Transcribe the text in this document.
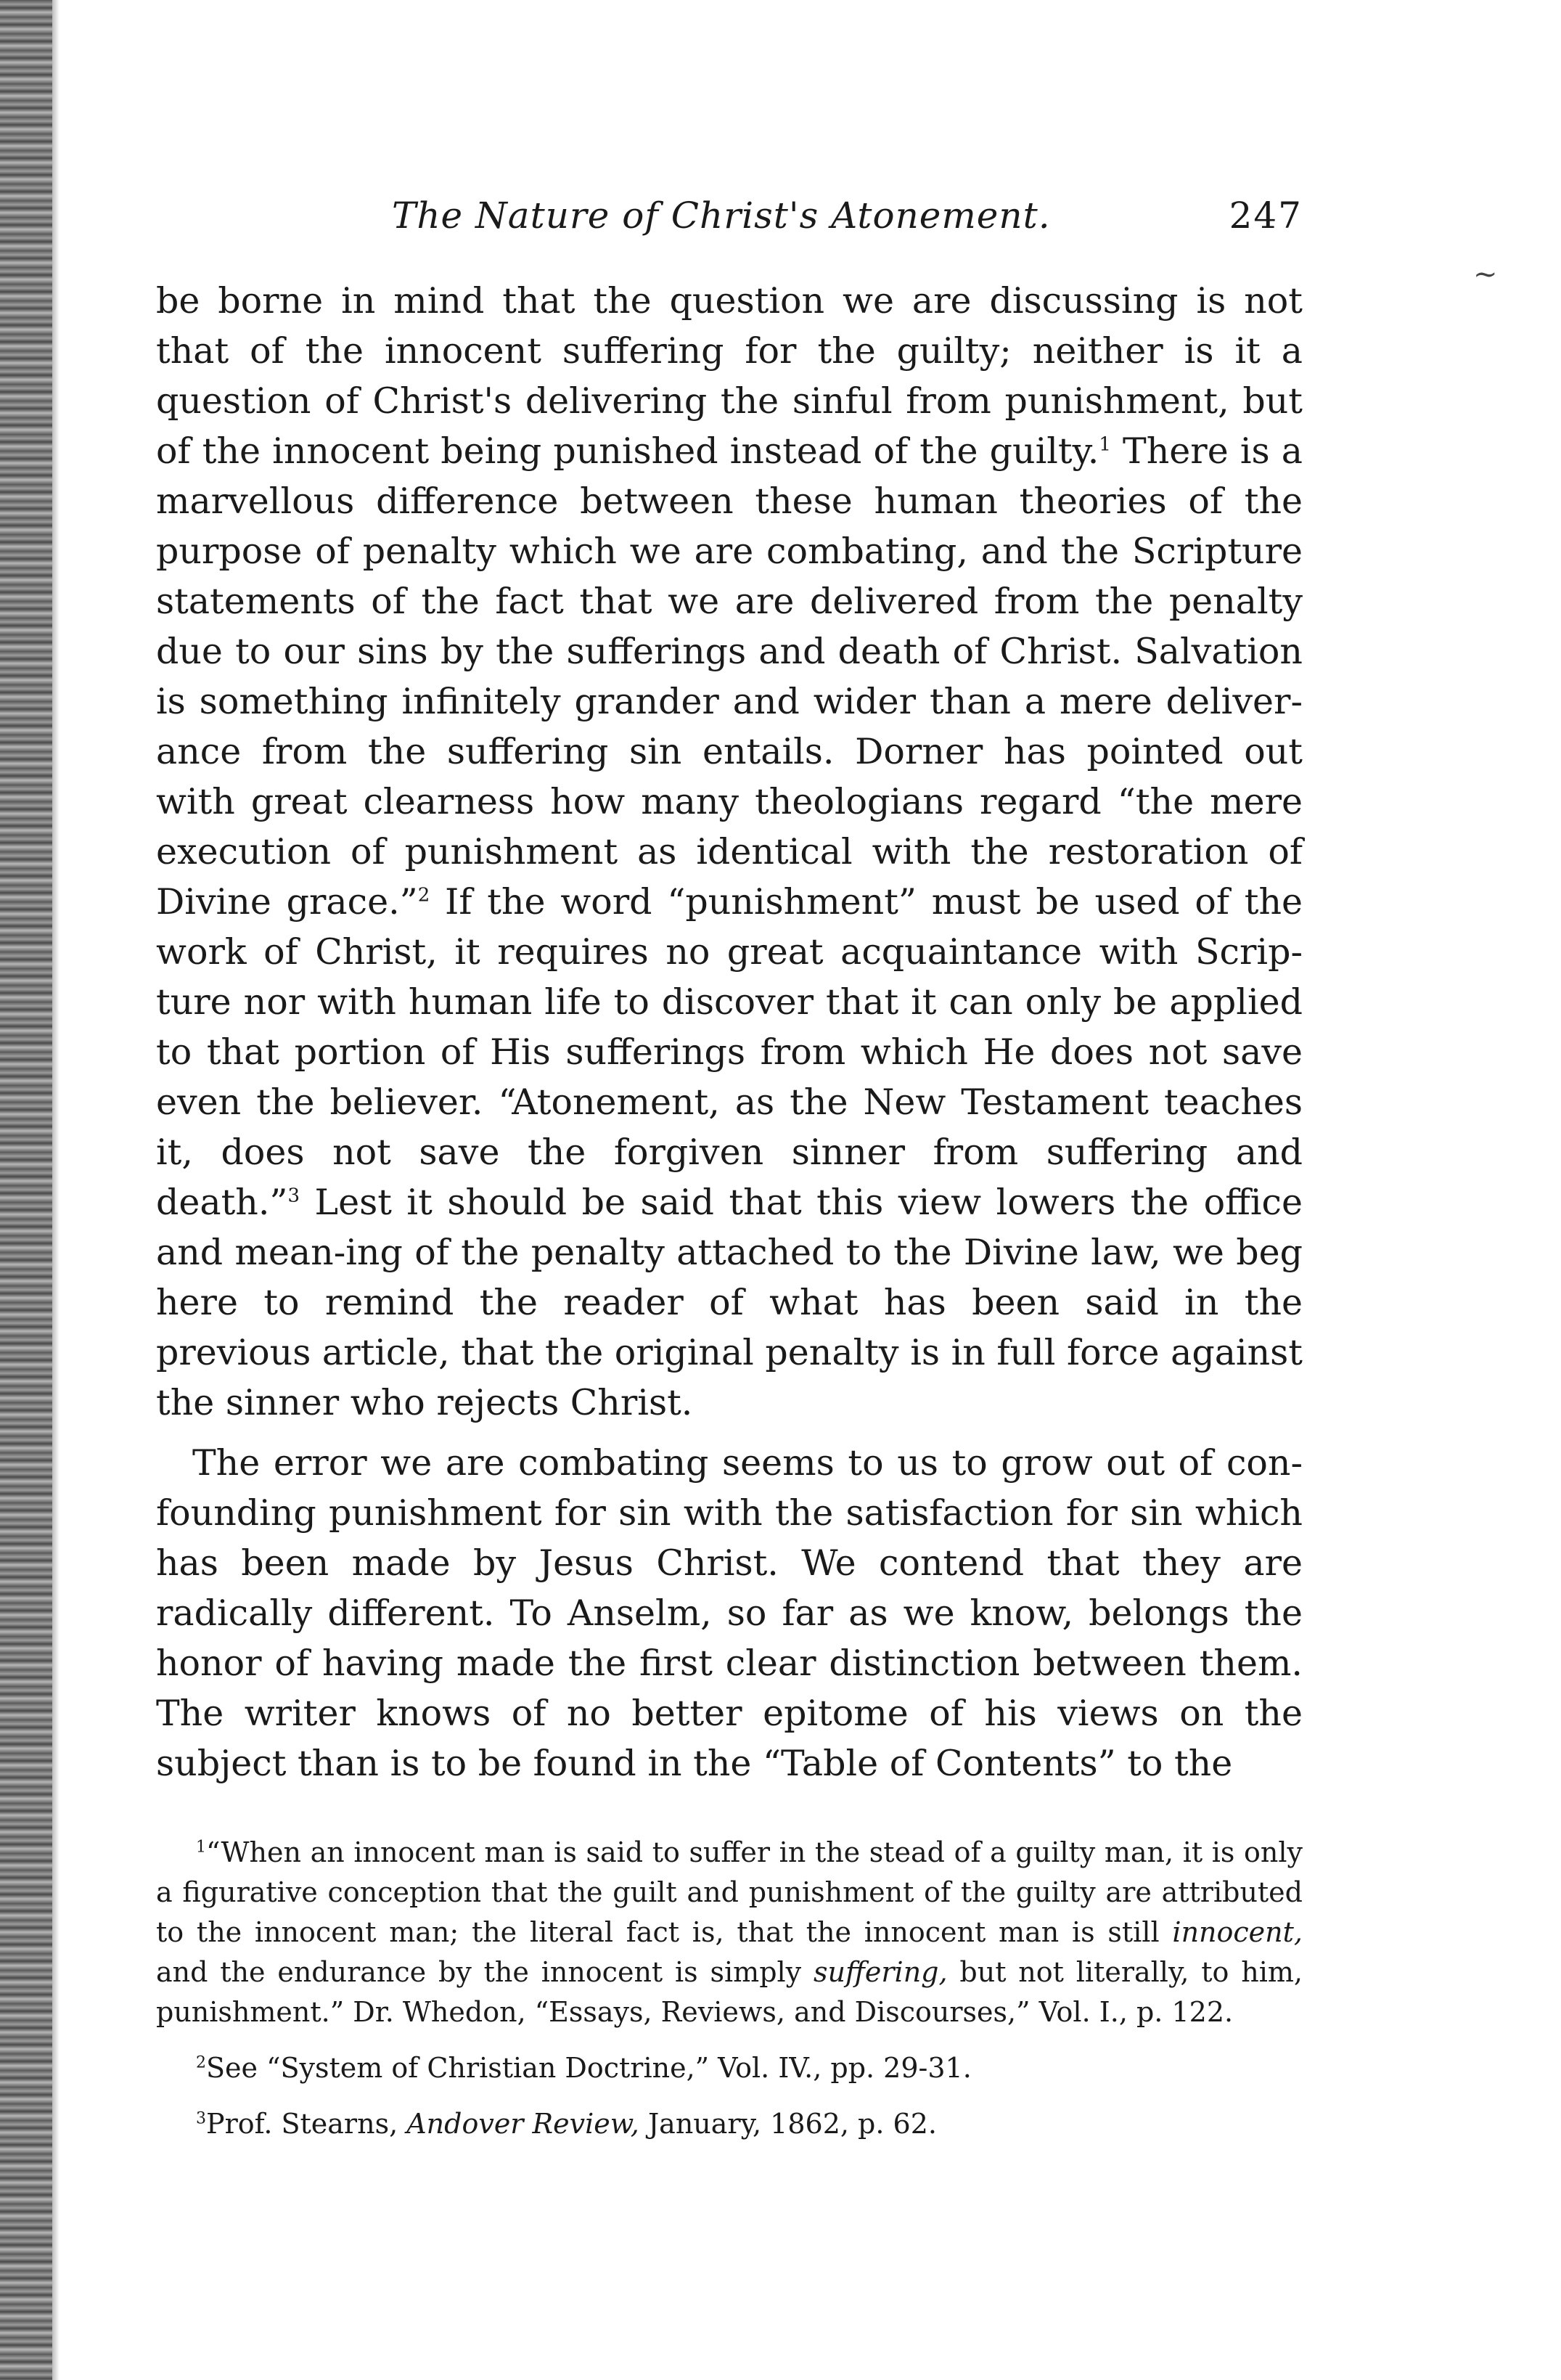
The Nature of Christ's Atonement.	247
~

be borne in mind that the question we are discussing is not that of the innocent suffering for the guilty; neither is it a question of Christ's delivering the sinful from punishment, but of the innocent being punished instead of the guilty.$^1$ There is a marvellous difference between these human theories of the purpose of penalty which we are combating, and the Scripture statements of the fact that we are delivered from the penalty due to our sins by the sufferings and death of Christ. Salvation is something infinitely grander and wider than a mere deliver-ance from the suffering sin entails. Dorner has pointed out with great clearness how many theologians regard “the mere execution of punishment as identical with the restoration of Divine grace.”$^2$ If the word “punishment” must be used of the work of Christ, it requires no great acquaintance with Scrip-ture nor with human life to discover that it can only be applied to that portion of His sufferings from which He does not save even the believer. “Atonement, as the New Testament teaches it, does not save the forgiven sinner from suffering and death.”$^3$ Lest it should be said that this view lowers the office and mean-ing of the penalty attached to the Divine law, we beg here to remind the reader of what has been said in the previous article, that the original penalty is in full force against the sinner who rejects Christ.

The error we are combating seems to us to grow out of con-founding punishment for sin with the satisfaction for sin which has been made by Jesus Christ. We contend that they are radically different. To Anselm, so far as we know, belongs the honor of having made the first clear distinction between them. The writer knows of no better epitome of his views on the subject than is to be found in the “Table of Contents” to the

$^1$“When an innocent man is said to suffer in the stead of a guilty man, it is only a figurative conception that the guilt and punishment of the guilty are attributed to the innocent man; the literal fact is, that the innocent man is still innocent, and the endurance by the innocent is simply suffering, but not literally, to him, punishment.” Dr. Whedon, “Essays, Reviews, and Discourses,” Vol. I., p. 122.

$^2$See “System of Christian Doctrine,” Vol. IV., pp. 29-31.

$^3$Prof. Stearns, Andover Review, January, 1862, p. 62.
